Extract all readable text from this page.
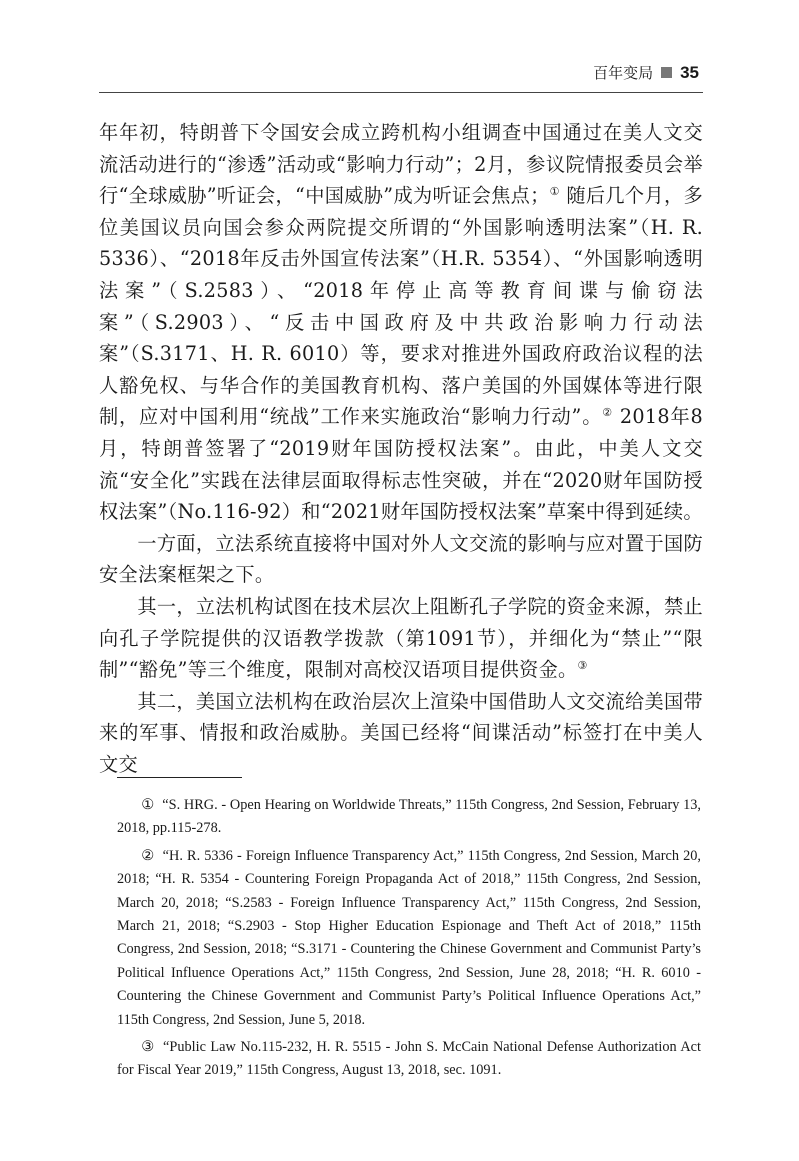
百年变局 35

年年初，特朗普下令国安会成立跨机构小组调查中国通过在美人文交流活动进行的“渗透”活动或“影响力行动”；2月，参议院情报委员会举行“全球威胁”听证会，“中国威胁”成为听证会焦点；① 随后几个月，多位美国议员向国会参众两院提交所谓的“外国影响透明法案”（H. R. 5336）、“2018年反击外国宣传法案”（H.R. 5354）、“外国影响透明法案”（S.2583）、“2018年停止高等教育间谍与偷窃法案”（S.2903）、“反击中国政府及中共政治影响力行动法案”（S.3171、H. R. 6010）等，要求对推进外国政府政治议程的法人豁免权、与华合作的美国教育机构、落户美国的外国媒体等进行限制，应对中国利用“统战”工作来实施政治“影响力行动”。② 2018年8月，特朗普签署了“2019财年国防授权法案”。由此，中美人文交流“安全化”实践在法律层面取得标志性突破，并在“2020财年国防授权法案”（No.116-92）和“2021财年国防授权法案”草案中得到延续。

一方面，立法系统直接将中国对外人文交流的影响与应对置于国防安全法案框架之下。

其一，立法机构试图在技术层次上阻断孔子学院的资金来源，禁止向孔子学院提供的汉语教学拨款（第1091节），并细化为“禁止”“限制”“豁免”等三个维度，限制对高校汉语项目提供资金。③

其二，美国立法机构在政治层次上渲染中国借助人文交流给美国带来的军事、情报和政治威胁。美国已经将“间谍活动”标签打在中美人文交

① “S. HRG. - Open Hearing on Worldwide Threats,” 115th Congress, 2nd Session, February 13, 2018, pp.115-278.

② “H. R. 5336 - Foreign Influence Transparency Act,” 115th Congress, 2nd Session, March 20, 2018; “H. R. 5354 - Countering Foreign Propaganda Act of 2018,” 115th Congress, 2nd Session, March 20, 2018; “S.2583 - Foreign Influence Transparency Act,” 115th Congress, 2nd Session, March 21, 2018; “S.2903 - Stop Higher Education Espionage and Theft Act of 2018,” 115th Congress, 2nd Session, 2018; “S.3171 - Countering the Chinese Government and Communist Party’s Political Influence Operations Act,” 115th Congress, 2nd Session, June 28, 2018; “H. R. 6010 - Countering the Chinese Government and Communist Party’s Political Influence Operations Act,” 115th Congress, 2nd Session, June 5, 2018.

③ “Public Law No.115-232, H. R. 5515 - John S. McCain National Defense Authorization Act for Fiscal Year 2019,” 115th Congress, August 13, 2018, sec. 1091.
